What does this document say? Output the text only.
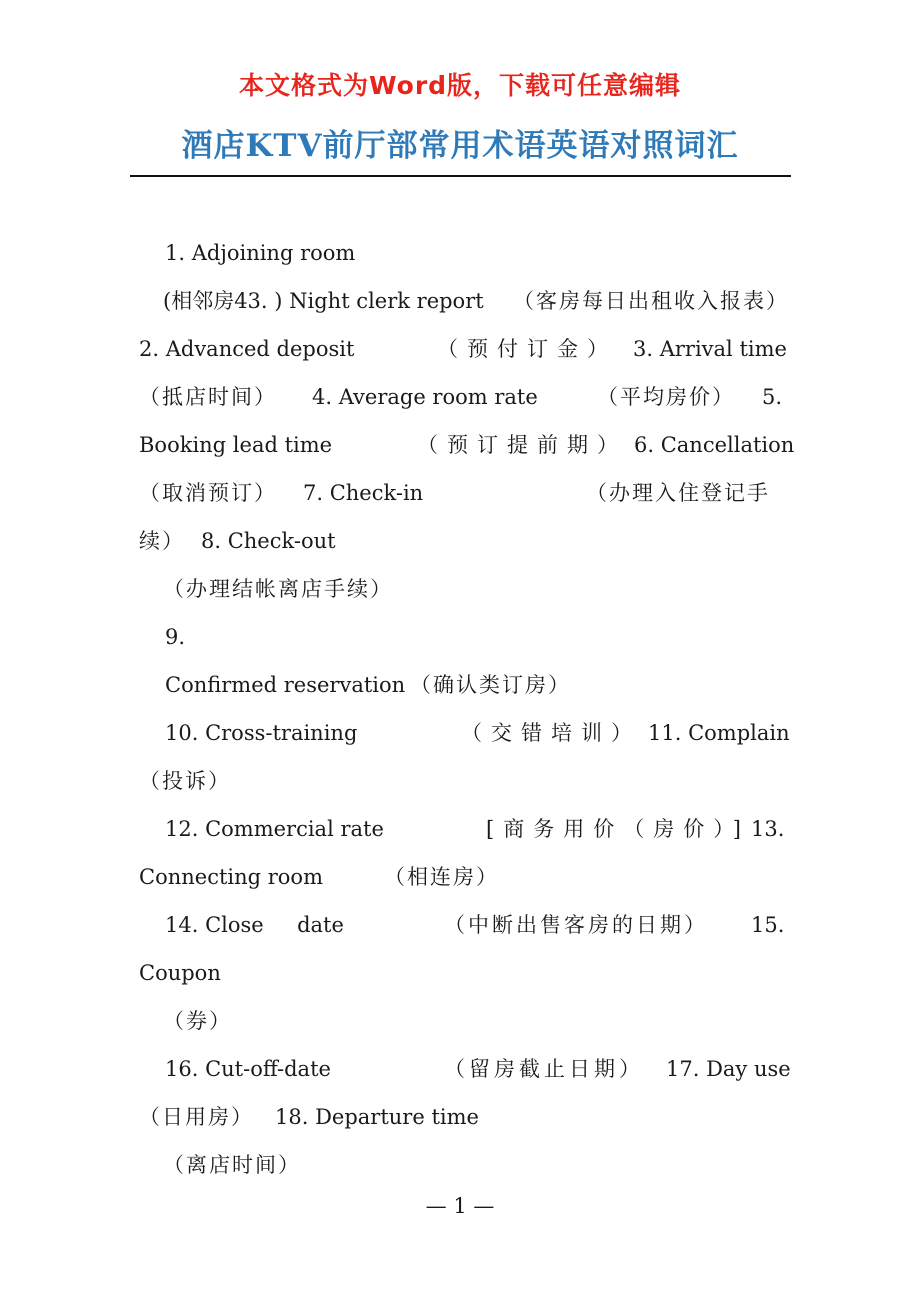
本文格式为Word版，下载可任意编辑
酒店KTV前厅部常用术语英语对照词汇
1. Adjoining room
(相邻房43. ) Night clerk report （客房每日出租收入报表）
2. Advanced deposit	（预付订金） 3. Arrival time
（抵店时间） 4. Average room rate	（平均房价） 5.
Booking lead time	（预订提前期） 6. Cancellation
（取消预订） 7. Check-in	（办理入住登记手
续） 8. Check-out
（办理结帐离店手续）
9.
Confirmed reservation （确认类订房）
10. Cross-training	（交错培训） 11. Complain
（投诉）
12. Commercial rate	[商务用价（房价）] 13.
Connecting room	（相连房）
14. Close     date	（中断出售客房的日期） 15.
Coupon
（券）
16. Cut-off-date	（留房截止日期） 17. Day use
（日用房） 18. Departure time
（离店时间）
— 1 —
